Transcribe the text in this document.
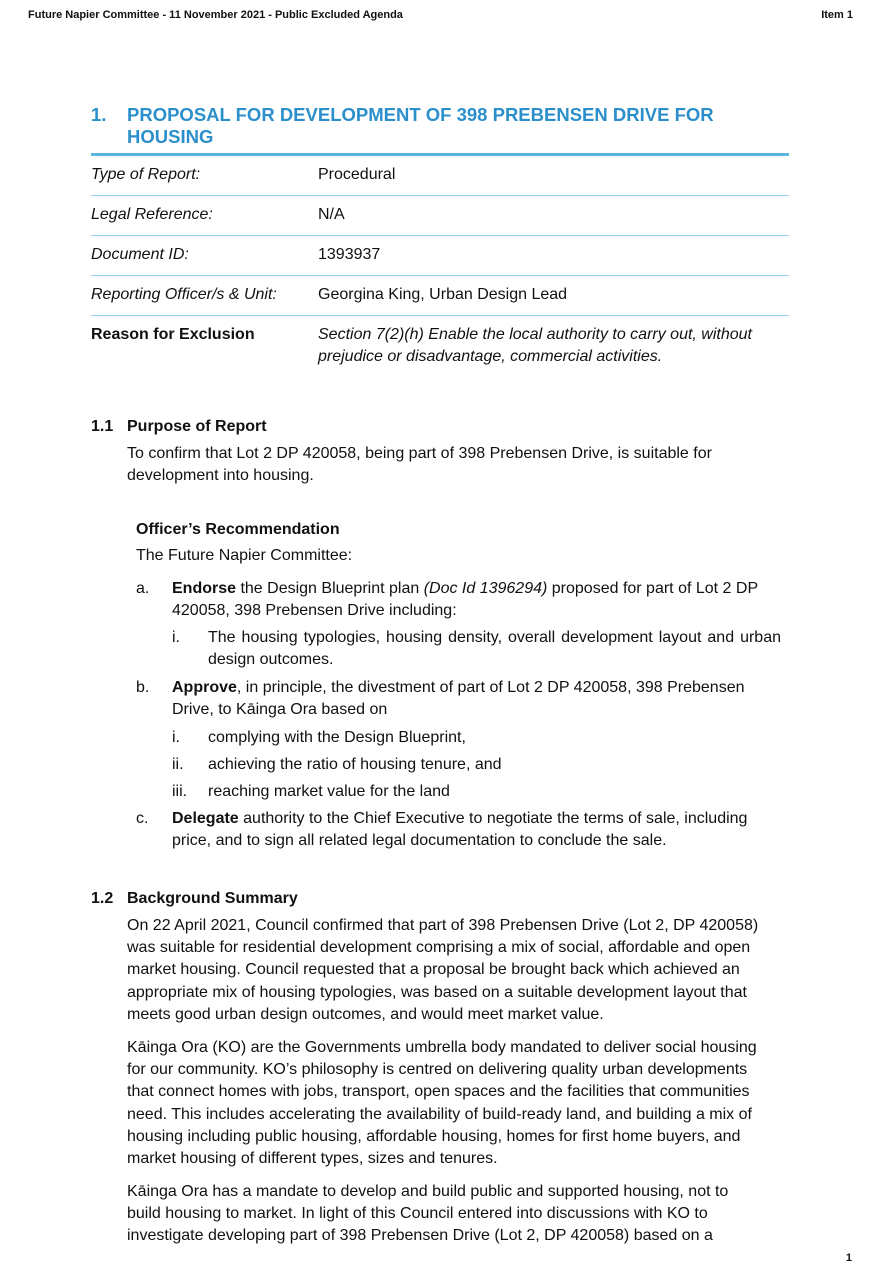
Future Napier Committee - 11 November 2021 - Public Excluded Agenda	Item 1
1. PROPOSAL FOR DEVELOPMENT OF 398 PREBENSEN DRIVE FOR
HOUSING
Type of Report:	Procedural
Legal Reference:	N/A
Document ID:	1393937
Reporting Officer/s & Unit:	Georgina King, Urban Design Lead
Reason for Exclusion	Section 7(2)(h) Enable the local authority to carry out, without
prejudice or disadvantage, commercial activities.
1.1 Purpose of Report
To confirm that Lot 2 DP 420058, being part of 398 Prebensen Drive, is suitable for
development into housing.
Officer’s Recommendation
The Future Napier Committee:
a. Endorse the Design Blueprint plan (Doc Id 1396294) proposed for part of Lot 2 DP 420058, 398 Prebensen Drive including:
i. The housing typologies, housing density, overall development layout and urban design outcomes.
b. Approve, in principle, the divestment of part of Lot 2 DP 420058, 398 Prebensen Drive, to Kāinga Ora based on
i. complying with the Design Blueprint,
ii. achieving the ratio of housing tenure, and
iii. reaching market value for the land
c. Delegate authority to the Chief Executive to negotiate the terms of sale, including price, and to sign all related legal documentation to conclude the sale.
1.2 Background Summary
On 22 April 2021, Council confirmed that part of 398 Prebensen Drive (Lot 2, DP 420058)
was suitable for residential development comprising a mix of social, affordable and open
market housing. Council requested that a proposal be brought back which achieved an
appropriate mix of housing typologies, was based on a suitable development layout that
meets good urban design outcomes, and would meet market value.
Kāinga Ora (KO) are the Governments umbrella body mandated to deliver social housing
for our community. KO’s philosophy is centred on delivering quality urban developments
that connect homes with jobs, transport, open spaces and the facilities that communities
need. This includes accelerating the availability of build-ready land, and building a mix of
housing including public housing, affordable housing, homes for first home buyers, and
market housing of different types, sizes and tenures.
Kāinga Ora has a mandate to develop and build public and supported housing, not to
build housing to market. In light of this Council entered into discussions with KO to
investigate developing part of 398 Prebensen Drive (Lot 2, DP 420058) based on a
1
